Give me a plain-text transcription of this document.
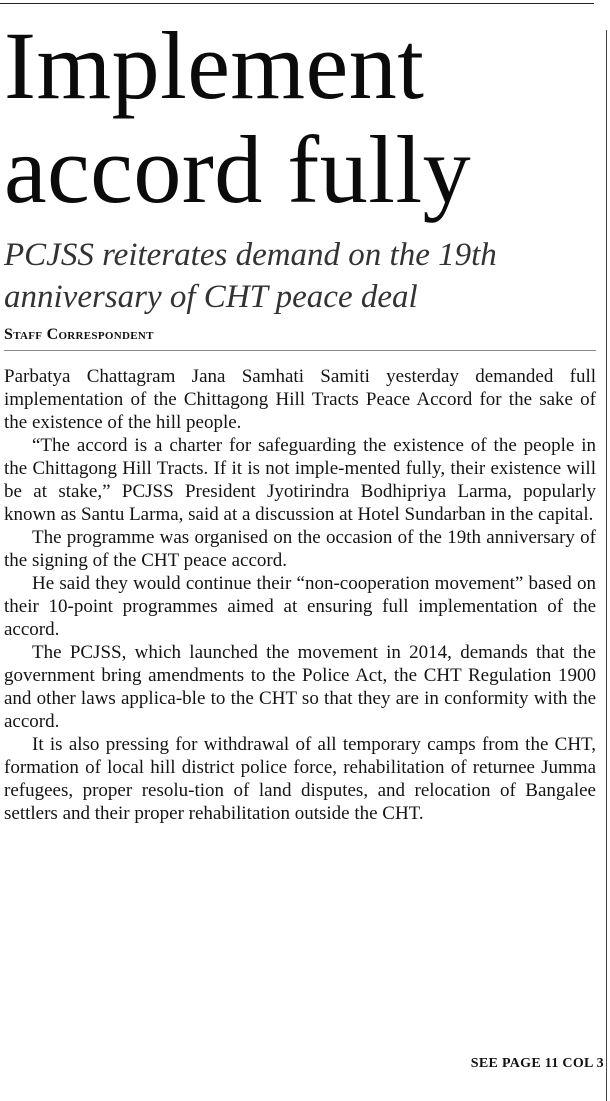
Implement
accord fully
PCJSS reiterates demand on the 19th
anniversary of CHT peace deal
Staff Correspondent

Parbatya Chattagram Jana Samhati Samiti yesterday demanded full implementation of the Chittagong Hill Tracts Peace Accord for the sake of the existence of the hill people.

“The accord is a charter for safeguarding the existence of the people in the Chittagong Hill Tracts. If it is not imple-mented fully, their existence will be at stake,” PCJSS President Jyotirindra Bodhipriya Larma, popularly known as Santu Larma, said at a discussion at Hotel Sundarban in the capital.

The programme was organised on the occasion of the 19th anniversary of the signing of the CHT peace accord.

He said they would continue their “non-cooperation movement” based on their 10-point programmes aimed at ensuring full implementation of the accord.

The PCJSS, which launched the movement in 2014, demands that the government bring amendments to the Police Act, the CHT Regulation 1900 and other laws applica-ble to the CHT so that they are in conformity with the accord.

It is also pressing for withdrawal of all temporary camps from the CHT, formation of local hill district police force, rehabilitation of returnee Jumma refugees, proper resolu-tion of land disputes, and relocation of Bangalee settlers and their proper rehabilitation outside the CHT.

SEE PAGE 11 COL 3
